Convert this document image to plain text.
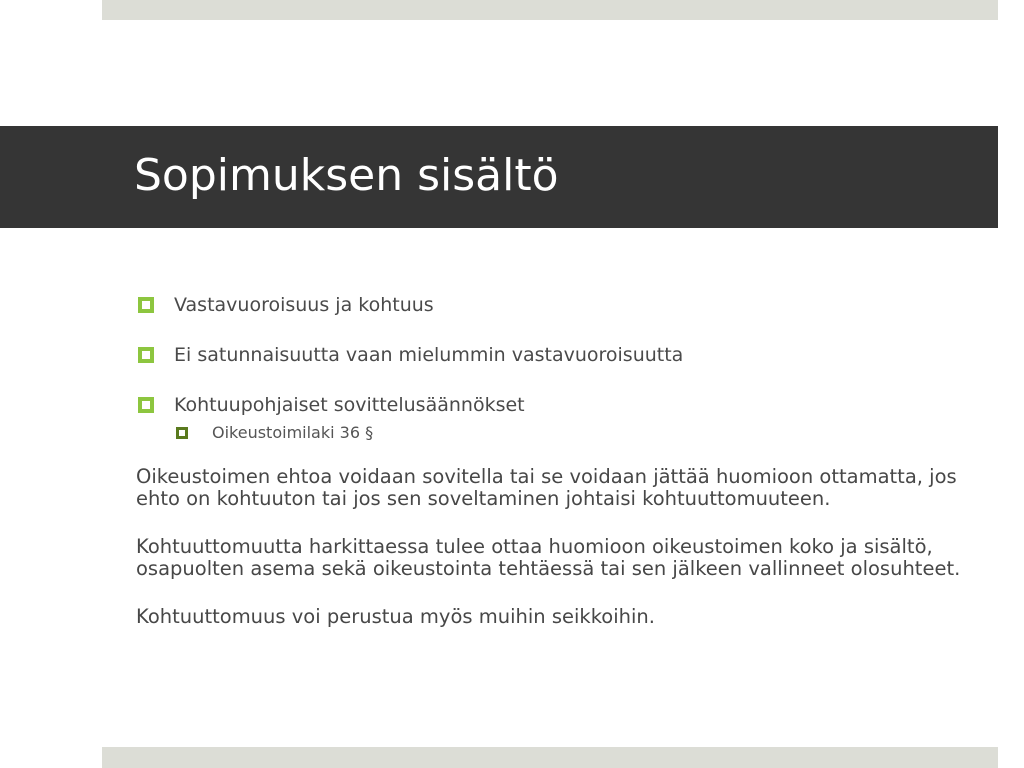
Sopimuksen sisältö
Vastavuoroisuus ja kohtuus
Ei satunnaisuutta vaan mielummin vastavuoroisuutta
Kohtuupohjaiset sovittelusäännökset
Oikeustoimilaki 36 §

Oikeustoimen ehtoa voidaan sovitella tai se voidaan jättää huomioon ottamatta, jos ehto on kohtuuton tai jos sen soveltaminen johtaisi kohtuuttomuuteen.

Kohtuuttomuutta harkittaessa tulee ottaa huomioon oikeustoimen koko ja sisältö, osapuolten asema sekä oikeustointa tehtäessä tai sen jälkeen vallinneet olosuhteet.

Kohtuuttomuus voi perustua myös muihin seikkoihin.
